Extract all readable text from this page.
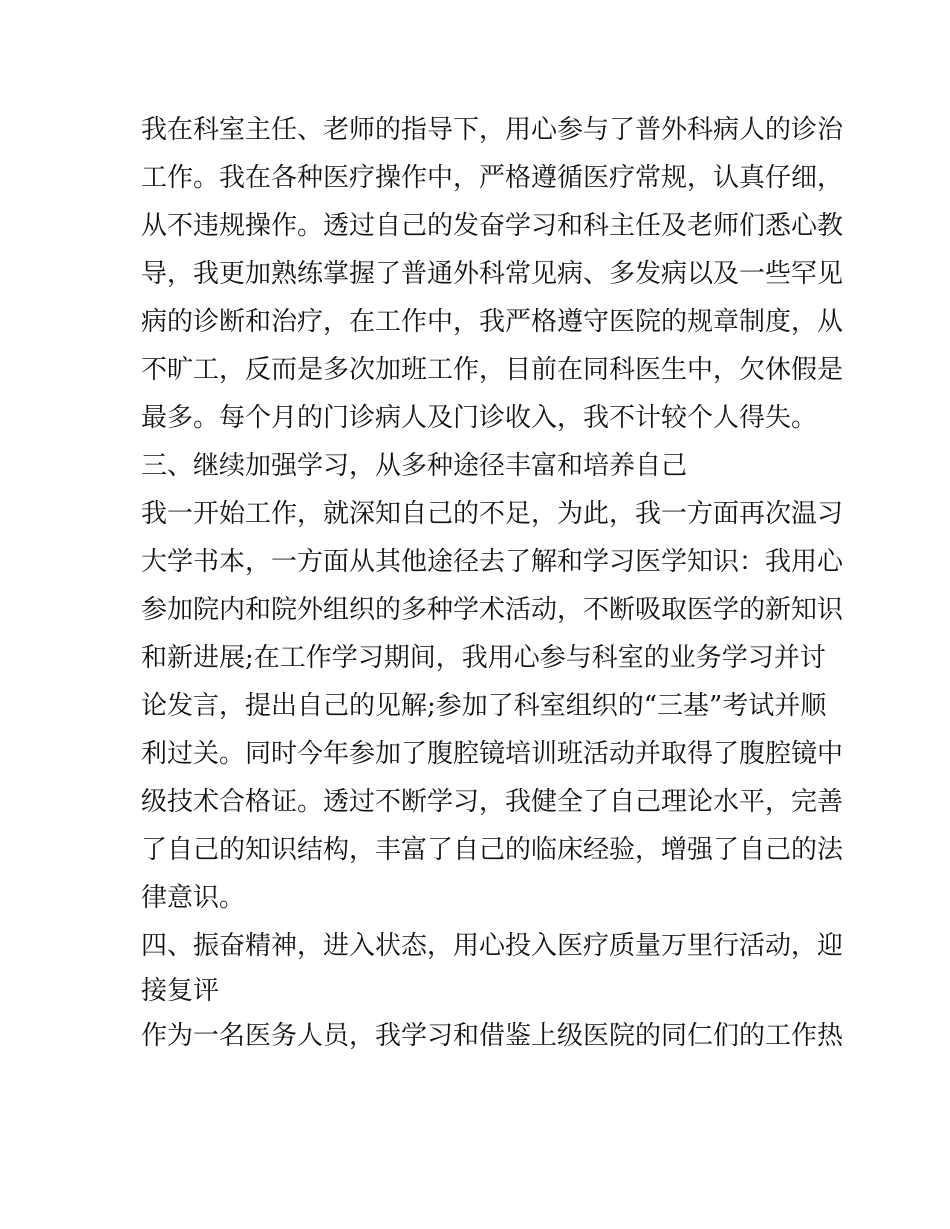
我在科室主任、老师的指导下，用心参与了普外科病人的诊治
工作。我在各种医疗操作中，严格遵循医疗常规，认真仔细，
从不违规操作。透过自己的发奋学习和科主任及老师们悉心教
导，我更加熟练掌握了普通外科常见病、多发病以及一些罕见
病的诊断和治疗，在工作中，我严格遵守医院的规章制度，从
不旷工，反而是多次加班工作，目前在同科医生中，欠休假是
最多。每个月的门诊病人及门诊收入，我不计较个人得失。
三、继续加强学习，从多种途径丰富和培养自己
我一开始工作，就深知自己的不足，为此，我一方面再次温习
大学书本，一方面从其他途径去了解和学习医学知识：我用心
参加院内和院外组织的多种学术活动，不断吸取医学的新知识
和新进展;在工作学习期间，我用心参与科室的业务学习并讨
论发言，提出自己的见解;参加了科室组织的“三基”考试并顺
利过关。同时今年参加了腹腔镜培训班活动并取得了腹腔镜中
级技术合格证。透过不断学习，我健全了自己理论水平，完善
了自己的知识结构，丰富了自己的临床经验，增强了自己的法
律意识。
四、振奋精神，进入状态，用心投入医疗质量万里行活动，迎
接复评
作为一名医务人员，我学习和借鉴上级医院的同仁们的工作热
